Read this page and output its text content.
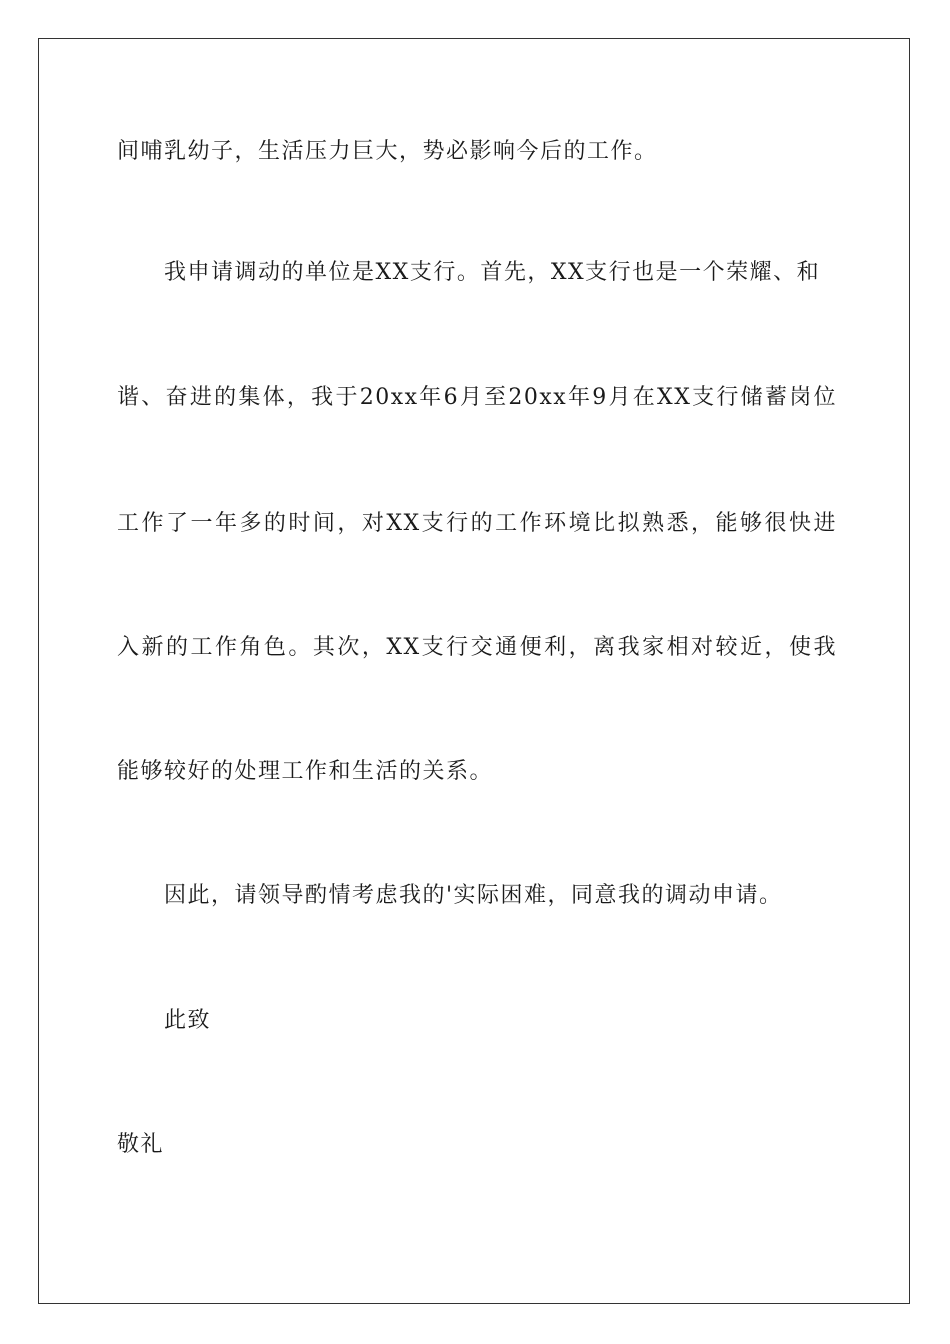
间哺乳幼子，生活压力巨大，势必影响今后的工作。
我申请调动的单位是XX支行。首先，XX支行也是一个荣耀、和
谐、奋进的集体，我于20xx年6月至20xx年9月在XX支行储蓄岗位
工作了一年多的时间，对XX支行的工作环境比拟熟悉，能够很快进
入新的工作角色。其次，XX支行交通便利，离我家相对较近，使我
能够较好的处理工作和生活的关系。
因此，请领导酌情考虑我的'实际困难，同意我的调动申请。
此致
敬礼
